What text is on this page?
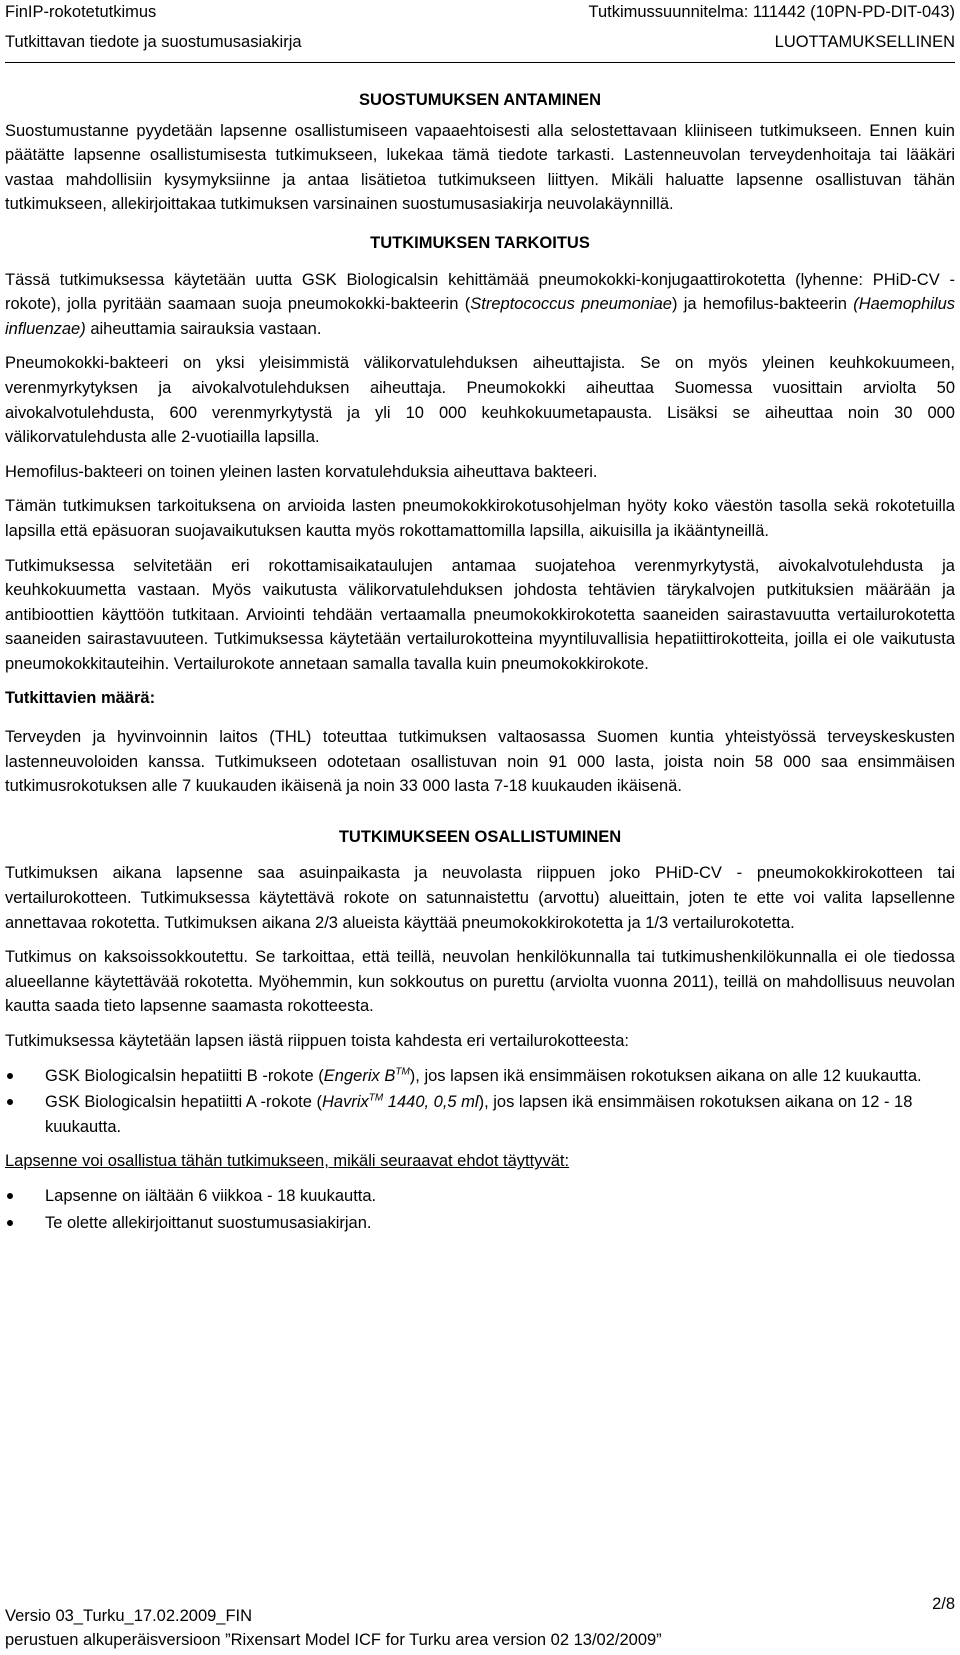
FinIP-rokotetutkimus	Tutkimussuunnitelma: 111442 (10PN-PD-DIT-043)
Tutkittavan tiedote ja suostumusasiakirja	LUOTTAMUKSELLINEN
SUOSTUMUKSEN ANTAMINEN

Suostumustanne pyydetään lapsenne osallistumiseen vapaaehtoisesti alla selostettavaan kliiniseen tutkimukseen. Ennen kuin päätätte lapsenne osallistumisesta tutkimukseen, lukekaa tämä tiedote tarkasti. Lastenneuvolan terveydenhoitaja tai lääkäri vastaa mahdollisiin kysymyksiinne ja antaa lisätietoa tutkimukseen liittyen. Mikäli haluatte lapsenne osallistuvan tähän tutkimukseen, allekirjoittakaa tutkimuksen varsinainen suostumusasiakirja neuvolakäynnillä.

TUTKIMUKSEN TARKOITUS

Tässä tutkimuksessa käytetään uutta GSK Biologicalsin kehittämää pneumokokki-konjugaattirokotetta (lyhenne: PHiD-CV -rokote), jolla pyritään saamaan suoja pneumokokki-bakteerin (Streptococcus pneumoniae) ja hemofilus-bakteerin (Haemophilus influenzae) aiheuttamia sairauksia vastaan.

Pneumokokki-bakteeri on yksi yleisimmistä välikorvatulehduksen aiheuttajista. Se on myös yleinen keuhkokuumeen, verenmyrkytyksen ja aivokalvotulehduksen aiheuttaja. Pneumokokki aiheuttaa Suomessa vuosittain arviolta 50 aivokalvotulehdusta, 600 verenmyrkytystä ja yli 10 000 keuhkokuumetapausta. Lisäksi se aiheuttaa noin 30 000 välikorvatulehdusta alle 2-vuotiailla lapsilla.

Hemofilus-bakteeri on toinen yleinen lasten korvatulehduksia aiheuttava bakteeri.

Tämän tutkimuksen tarkoituksena on arvioida lasten pneumokokkirokotusohjelman hyöty koko väestön tasolla sekä rokotetuilla lapsilla että epäsuoran suojavaikutuksen kautta myös rokottamattomilla lapsilla, aikuisilla ja ikääntyneillä.

Tutkimuksessa selvitetään eri rokottamisaikataulujen antamaa suojatehoa verenmyrkytystä, aivokalvotulehdusta ja keuhkokuumetta vastaan. Myös vaikutusta välikorvatulehduksen johdosta tehtävien tärykalvojen putkituksien määrään ja antibioottien käyttöön tutkitaan. Arviointi tehdään vertaamalla pneumokokkirokotetta saaneiden sairastavuutta vertailurokotetta saaneiden sairastavuuteen. Tutkimuksessa käytetään vertailurokotteina myyntiluvallisia hepatiittirokotteita, joilla ei ole vaikutusta pneumokokkitauteihin. Vertailurokote annetaan samalla tavalla kuin pneumokokkirokote.

Tutkittavien määrä:

Terveyden ja hyvinvoinnin laitos (THL) toteuttaa tutkimuksen valtaosassa Suomen kuntia yhteistyössä terveyskeskusten lastenneuvoloiden kanssa. Tutkimukseen odotetaan osallistuvan noin 91 000 lasta, joista noin 58 000 saa ensimmäisen tutkimusrokotuksen alle 7 kuukauden ikäisenä ja noin 33 000 lasta 7-18 kuukauden ikäisenä.

TUTKIMUKSEEN OSALLISTUMINEN

Tutkimuksen aikana lapsenne saa asuinpaikasta ja neuvolasta riippuen joko PHiD-CV - pneumokokkirokotteen tai vertailurokotteen. Tutkimuksessa käytettävä rokote on satunnaistettu (arvottu) alueittain, joten te ette voi valita lapsellenne annettavaa rokotetta. Tutkimuksen aikana 2/3 alueista käyttää pneumokokkirokotetta ja 1/3 vertailurokotetta.

Tutkimus on kaksoissokkoutettu. Se tarkoittaa, että teillä, neuvolan henkilökunnalla tai tutkimushenkilökunnalla ei ole tiedossa alueellanne käytettävää rokotetta. Myöhemmin, kun sokkoutus on purettu (arviolta vuonna 2011), teillä on mahdollisuus neuvolan kautta saada tieto lapsenne saamasta rokotteesta.

Tutkimuksessa käytetään lapsen iästä riippuen toista kahdesta eri vertailurokotteesta:

GSK Biologicalsin hepatiitti B -rokote (Engerix B™), jos lapsen ikä ensimmäisen rokotuksen aikana on alle 12 kuukautta.
GSK Biologicalsin hepatiitti A -rokote (Havrix™ 1440, 0,5 ml), jos lapsen ikä ensimmäisen rokotuksen aikana on 12 - 18 kuukautta.
Lapsenne voi osallistua tähän tutkimukseen, mikäli seuraavat ehdot täyttyvät:
Lapsenne on iältään 6 viikkoa - 18 kuukautta.
Te olette allekirjoittanut suostumusasiakirjan.
2/8
Versio 03_Turku_17.02.2009_FIN
perustuen alkuperäisversioon ”Rixensart Model ICF for Turku area version 02 13/02/2009”
